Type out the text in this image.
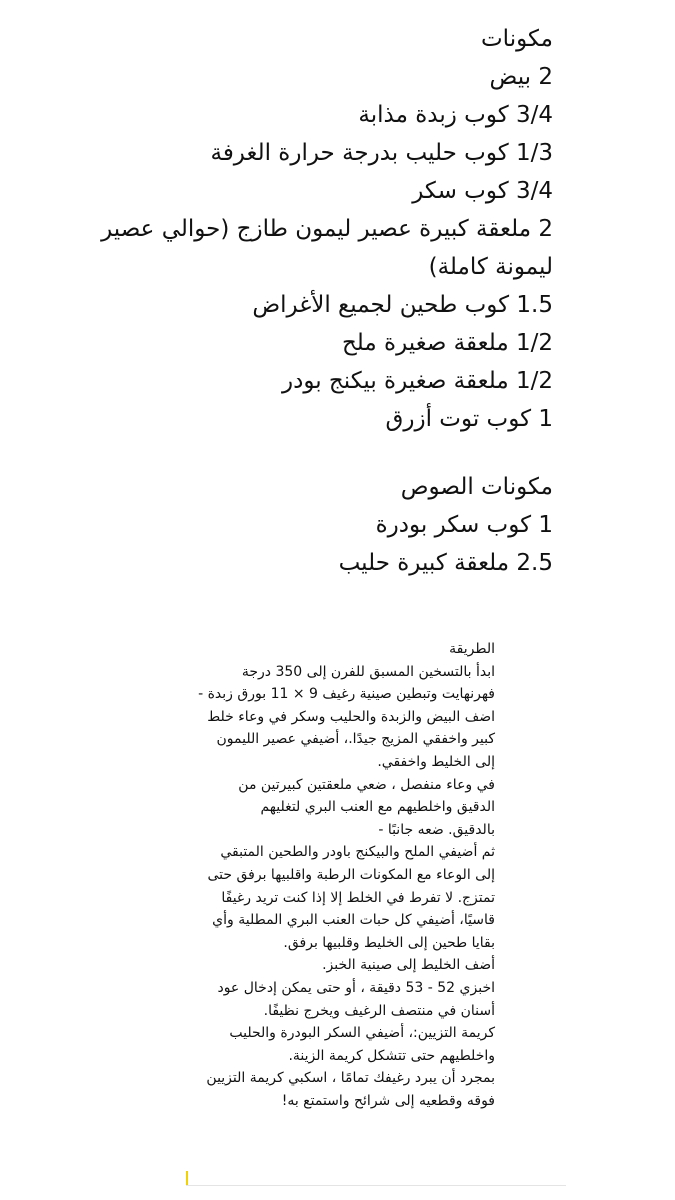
مكونات
2 بيض
3/4 كوب زبدة مذابة
1/3 كوب حليب بدرجة حرارة الغرفة
3/4 كوب سكر
2 ملعقة كبيرة عصير ليمون طازج (حوالي عصير
ليمونة كاملة)
1.5 كوب طحين لجميع الأغراض
1/2 ملعقة صغيرة ملح
1/2 ملعقة صغيرة بيكنج بودر
1 كوب توت أزرق
مكونات الصوص
1 كوب سكر بودرة
2.5 ملعقة كبيرة حليب
الطريقة
ابدأ بالتسخين المسبق للفرن إلى 350 درجة
فهرنهايت وتبطين صينية رغيف 9 × 11 بورق زبدة -
اضف البيض والزبدة والحليب وسكر في وعاء خلط
كبير واخفقي المزيج جيدًا.، أضيفي عصير الليمون
إلى الخليط واخفقي.
في وعاء منفصل ، ضعي ملعقتين كبيرتين من
الدقيق واخلطيهم مع العنب البري لتغليهم
بالدقيق. ضعه جانبًا -
ثم أضيفي الملح والبيكنج باودر والطحين المتبقي
إلى الوعاء مع المكونات الرطبة واقلبيها برفق حتى
تمتزج. لا تفرط في الخلط إلا إذا كنت تريد رغيفًا
قاسيًا، أضيفي كل حبات العنب البري المطلية وأي
بقايا طحين إلى الخليط وقلبيها برفق.
أضف الخليط إلى صينية الخبز.
اخبزي 52 - 53 دقيقة ، أو حتى يمكن إدخال عود
أسنان في منتصف الرغيف ويخرج نظيفًا.
كريمة التزيين:، أضيفي السكر البودرة والحليب
واخلطيهم حتى تتشكل كريمة الزينة.
بمجرد أن يبرد رغيفك تمامًا ، اسكبي كريمة التزيين
فوقه وقطعيه إلى شرائح واستمتع به!
